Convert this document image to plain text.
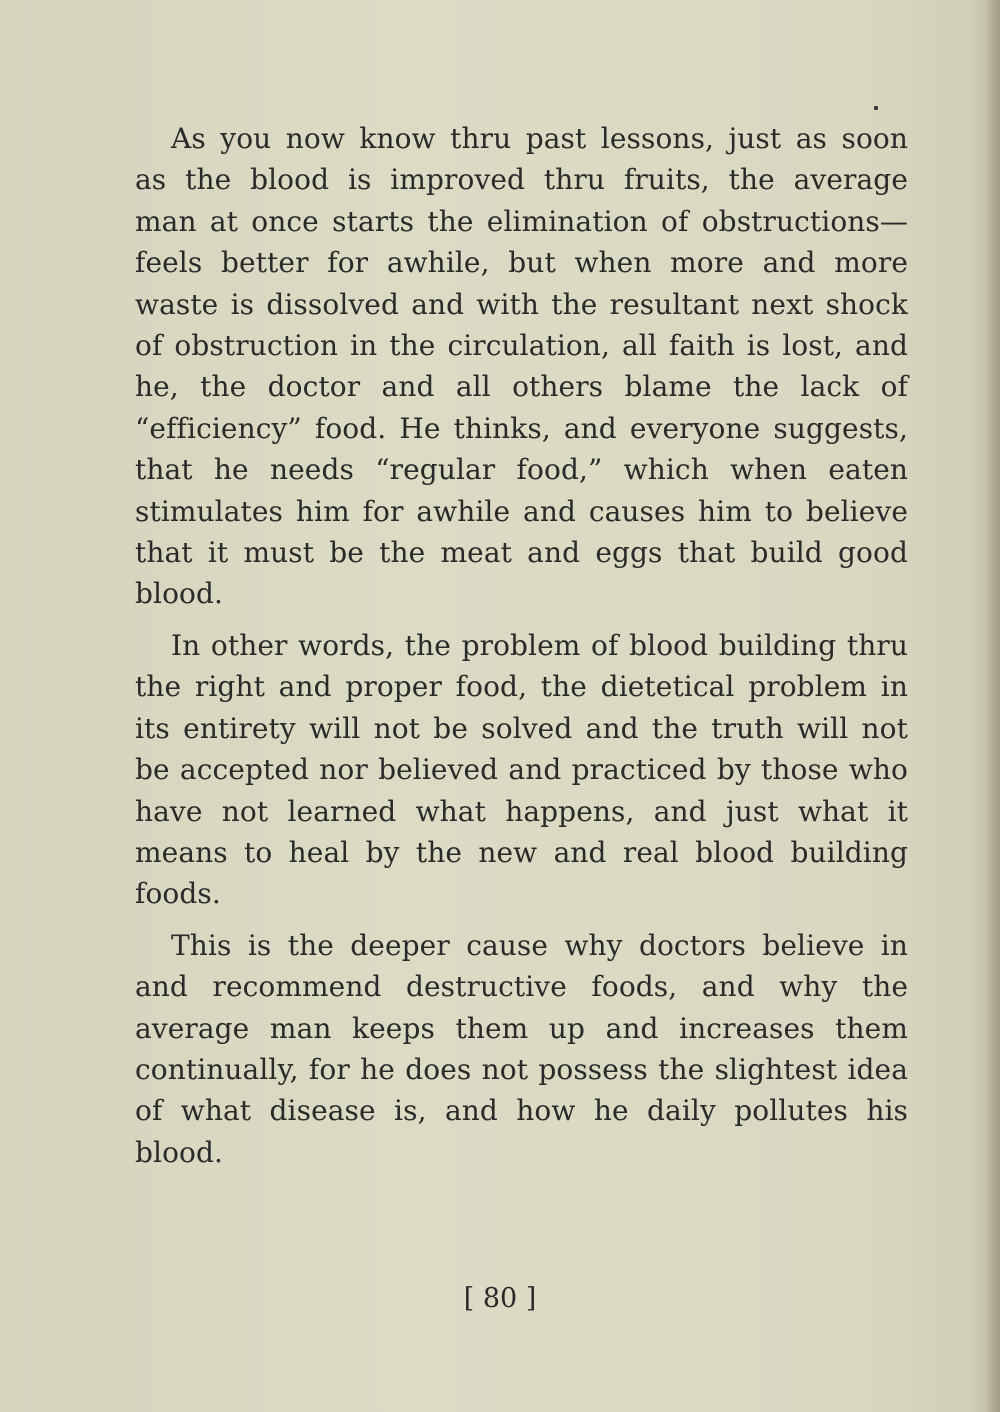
As you now know thru past lessons, just as soon as the blood is improved thru fruits, the average man at once starts the elimination of obstructions—feels better for awhile, but when more and more waste is dissolved and with the resultant next shock of obstruction in the circulation, all faith is lost, and he, the doctor and all others blame the lack of “efficiency” food. He thinks, and everyone suggests, that he needs “regular food,” which when eaten stimulates him for awhile and causes him to believe that it must be the meat and eggs that build good blood.

In other words, the problem of blood building thru the right and proper food, the dietetical problem in its entirety will not be solved and the truth will not be accepted nor believed and practiced by those who have not learned what happens, and just what it means to heal by the new and real blood building foods.

This is the deeper cause why doctors believe in and recommend destructive foods, and why the average man keeps them up and increases them continually, for he does not possess the slightest idea of what disease is, and how he daily pollutes his blood.

[ 80 ]
